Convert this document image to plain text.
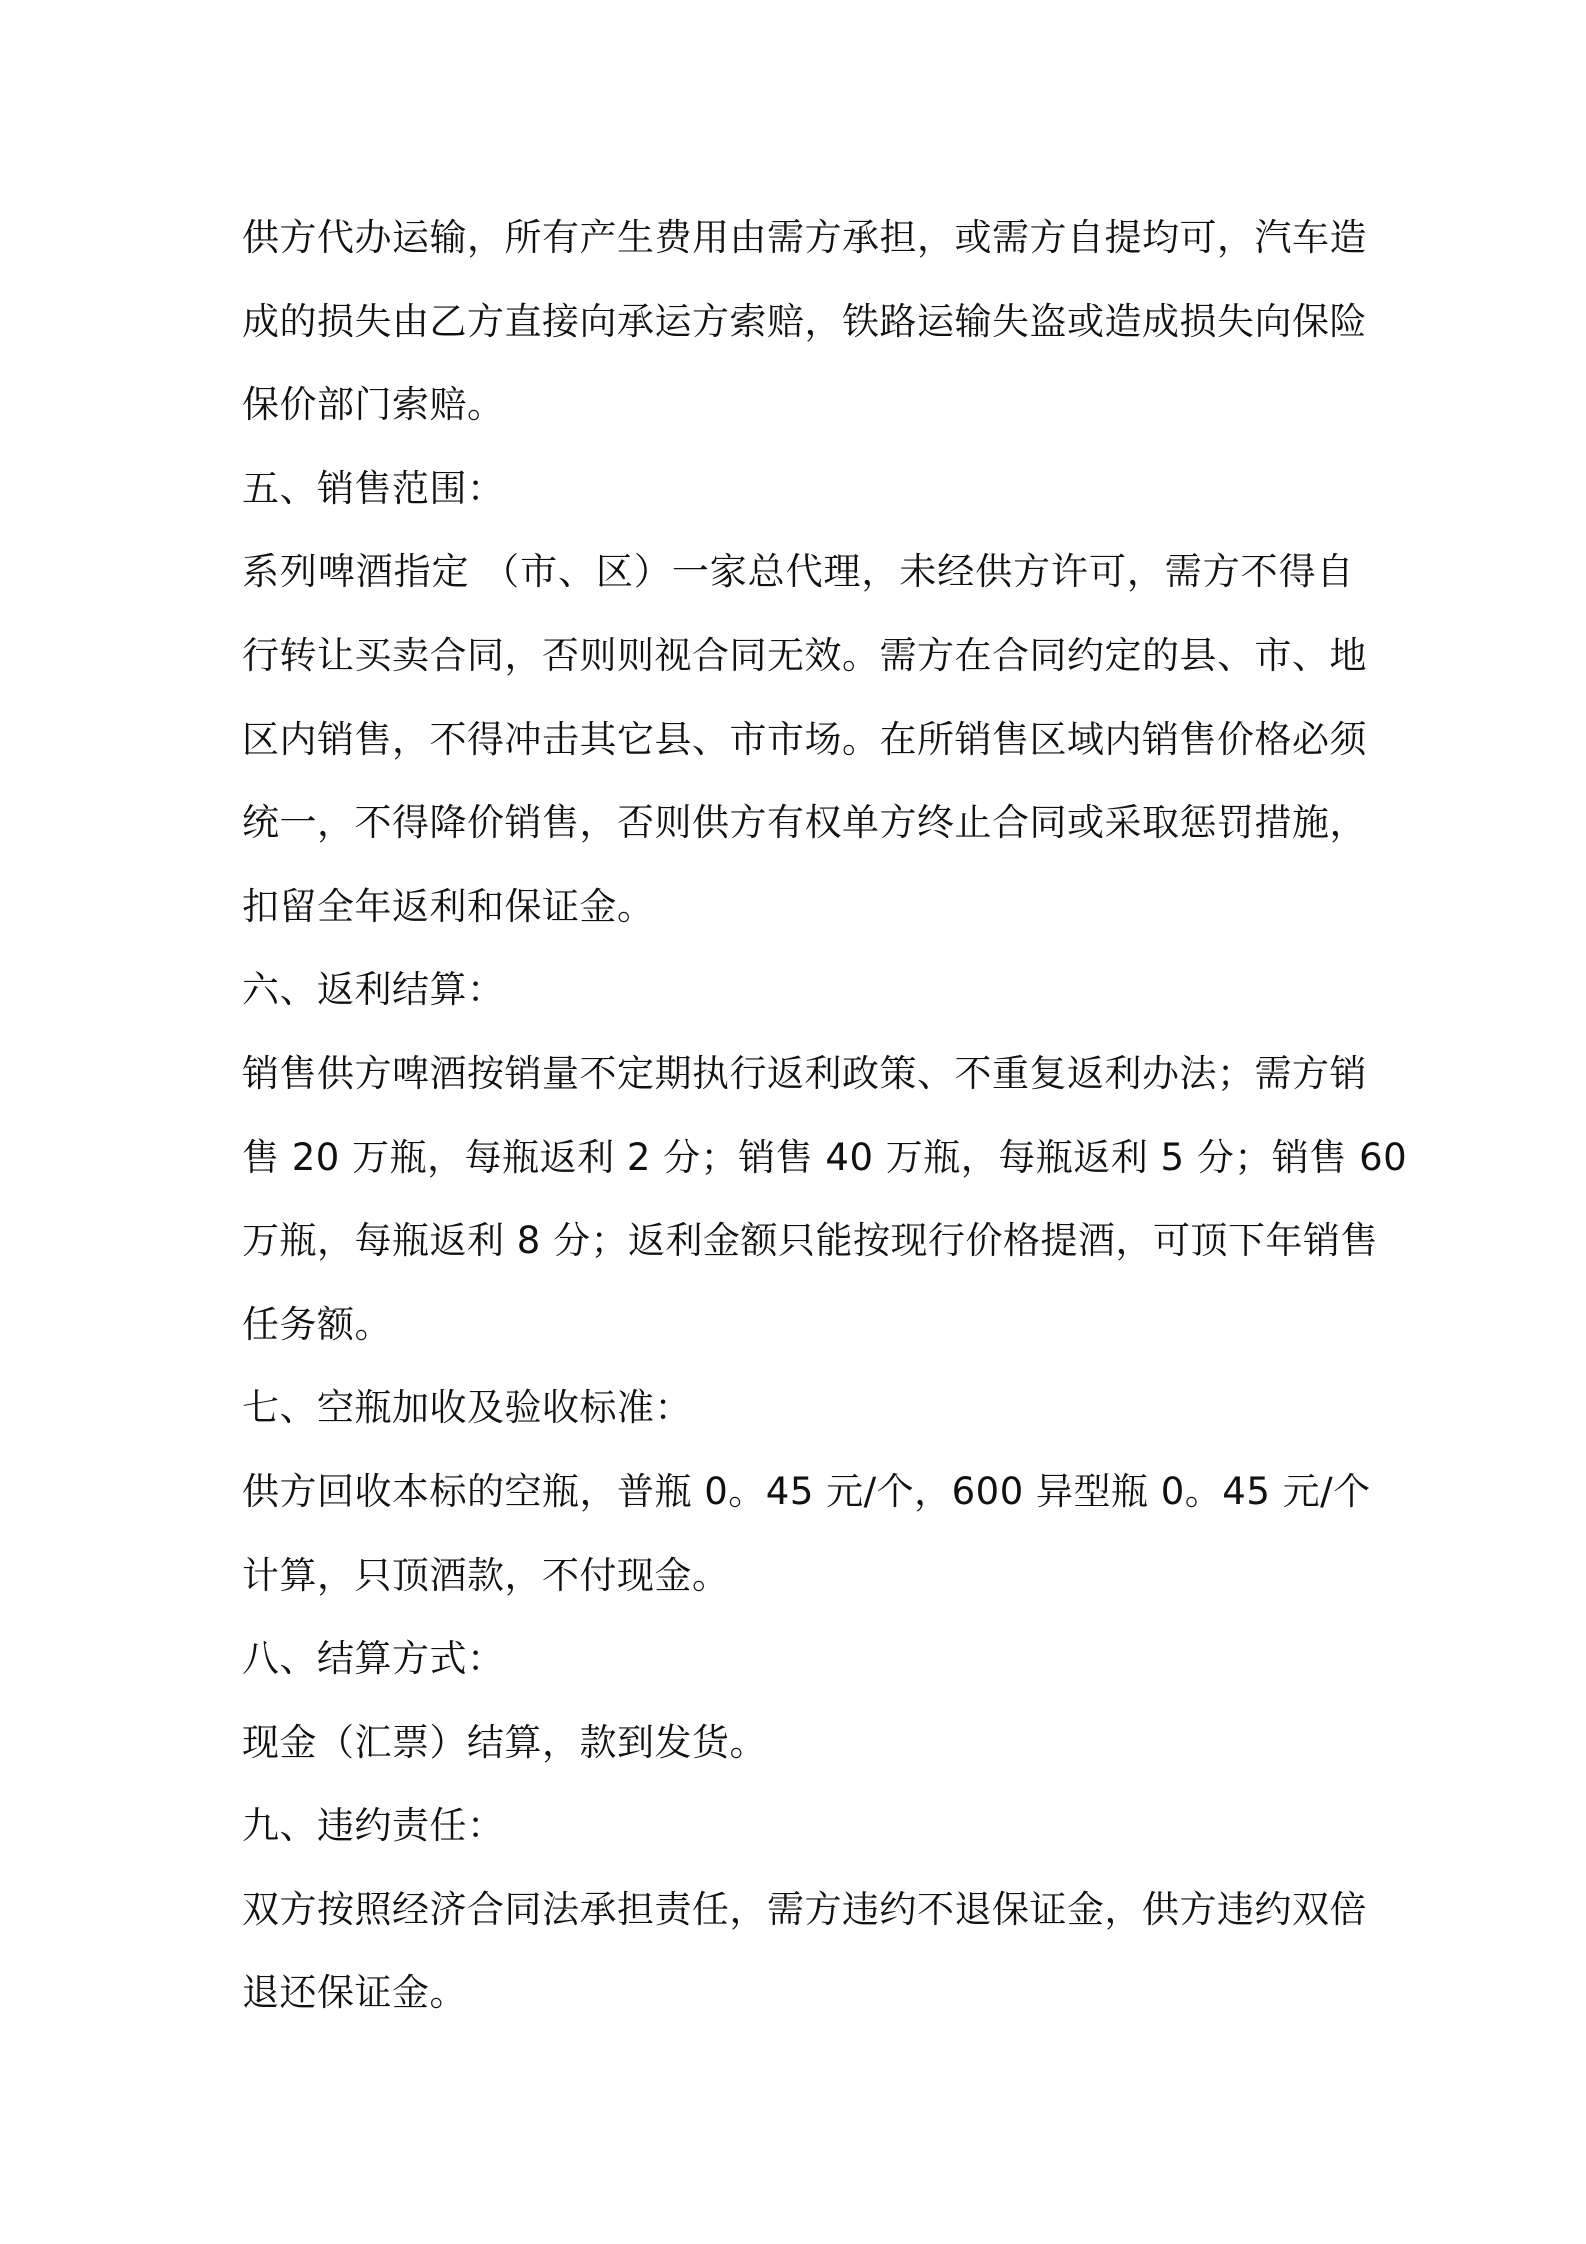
供方代办运输，所有产生费用由需方承担，或需方自提均可，汽车造
成的损失由乙方直接向承运方索赔，铁路运输失盗或造成损失向保险
保价部门索赔。
五、销售范围：
系列啤酒指定 （市、区）一家总代理，未经供方许可，需方不得自
行转让买卖合同，否则则视合同无效。需方在合同约定的县、市、地
区内销售，不得冲击其它县、市市场。在所销售区域内销售价格必须
统一，不得降价销售，否则供方有权单方终止合同或采取惩罚措施，
扣留全年返利和保证金。
六、返利结算：
销售供方啤酒按销量不定期执行返利政策、不重复返利办法；需方销
售 20 万瓶，每瓶返利 2 分；销售 40 万瓶，每瓶返利 5 分；销售 60
万瓶，每瓶返利 8 分；返利金额只能按现行价格提酒，可顶下年销售
任务额。
七、空瓶加收及验收标准：
供方回收本标的空瓶，普瓶 0。45 元/个，600 异型瓶 0。45 元/个
计算，只顶酒款，不付现金。
八、结算方式：
现金（汇票）结算，款到发货。
九、违约责任：
双方按照经济合同法承担责任，需方违约不退保证金，供方违约双倍
退还保证金。
